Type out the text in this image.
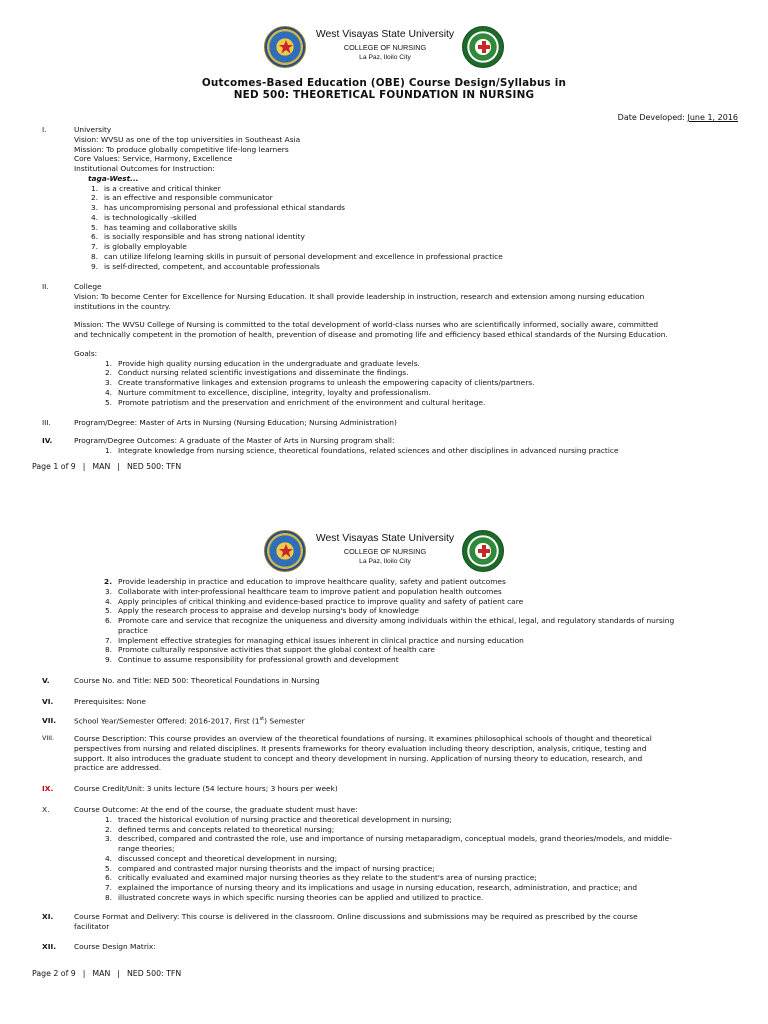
West Visayas State University
COLLEGE OF NURSING
La Paz, Iloilo City
Outcomes-Based Education (OBE) Course Design/Syllabus in
NED 500: THEORETICAL FOUNDATION IN NURSING
Date Developed: June 1, 2016
I.	University
Vision: WVSU as one of the top universities in Southeast Asia
Mission: To produce globally competitive life-long learners
Core Values: Service, Harmony, Excellence
Institutional Outcomes for Instruction:
taga-West...
1. is a creative and critical thinker
2. is an effective and responsible communicator
3. has uncompromising personal and professional ethical standards
4. is technologically -skilled
5. has teaming and collaborative skills
6. is socially responsible and has strong national identity
7. is globally employable
8. can utilize lifelong learning skills in pursuit of personal development and excellence in professional practice
9. is self-directed, competent, and accountable professionals
II.	College
Vision: To become Center for Excellence for Nursing Education. It shall provide leadership in instruction, research and extension among nursing education
institutions in the country.
Mission: The WVSU College of Nursing is committed to the total development of world-class nurses who are scientifically informed, socially aware, committed
and technically competent in the promotion of health, prevention of disease and promoting life and efficiency based ethical standards of the Nursing Education.
Goals:
1. Provide high quality nursing education in the undergraduate and graduate levels.
2. Conduct nursing related scientific investigations and disseminate the findings.
3. Create transformative linkages and extension programs to unleash the empowering capacity of clients/partners.
4. Nurture commitment to excellence, discipline, integrity, loyalty and professionalism.
5. Promote patriotism and the preservation and enrichment of the environment and cultural heritage.
III.	Program/Degree: Master of Arts in Nursing (Nursing Education; Nursing Administration)
IV.	Program/Degree Outcomes: A graduate of the Master of Arts in Nursing program shall:
1. Integrate knowledge from nursing science, theoretical foundations, related sciences and other disciplines in advanced nursing practice
Page 1 of 9 | MAN | NED 500: TFN
West Visayas State University
COLLEGE OF NURSING
La Paz, Iloilo City
2. Provide leadership in practice and education to improve healthcare quality, safety and patient outcomes
3. Collaborate with inter-professional healthcare team to improve patient and population health outcomes
4. Apply principles of critical thinking and evidence-based practice to improve quality and safety of patient care
5. Apply the research process to appraise and develop nursing's body of knowledge
6. Promote care and service that recognize the uniqueness and diversity among individuals within the ethical, legal, and regulatory standards of nursing
practice
7. Implement effective strategies for managing ethical issues inherent in clinical practice and nursing education
8. Promote culturally responsive activities that support the global context of health care
9. Continue to assume responsibility for professional growth and development
V.	Course No. and Title: NED 500: Theoretical Foundations in Nursing
VI.	Prerequisites: None
VII. School Year/Semester Offered: 2016-2017, First (1st) Semester
VIII.	Course Description: This course provides an overview of the theoretical foundations of nursing. It examines philosophical schools of thought and theoretical
perspectives from nursing and related disciplines. It presents frameworks for theory evaluation including theory description, analysis, critique, testing and
support. It also introduces the graduate student to concept and theory development in nursing. Application of nursing theory to education, research, and
practice are addressed.
IX.	Course Credit/Unit: 3 units lecture (54 lecture hours; 3 hours per week)
X.	Course Outcome: At the end of the course, the graduate student must have:
1. traced the historical evolution of nursing practice and theoretical development in nursing;
2. defined terms and concepts related to theoretical nursing;
3. described, compared and contrasted the role, use and importance of nursing metaparadigm, conceptual models, grand theories/models, and middle-
range theories;
4. discussed concept and theoretical development in nursing;
5. compared and contrasted major nursing theorists and the impact of nursing practice;
6. critically evaluated and examined major nursing theories as they relate to the student's area of nursing practice;
7. explained the importance of nursing theory and its implications and usage in nursing education, research, administration, and practice; and
8. illustrated concrete ways in which specific nursing theories can be applied and utilized to practice.
XI.	Course Format and Delivery: This course is delivered in the classroom. Online discussions and submissions may be required as prescribed by the course
facilitator
XII. Course Design Matrix:
Page 2 of 9 | MAN | NED 500: TFN
